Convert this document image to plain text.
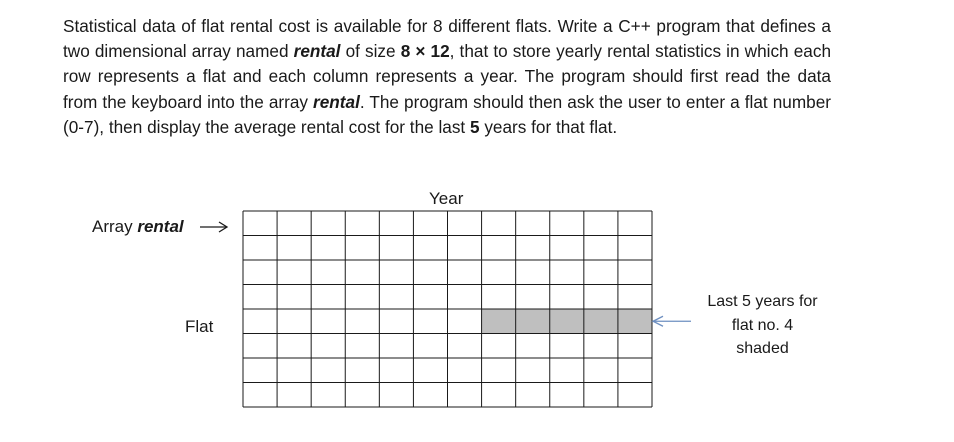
Statistical data of flat rental cost is available for 8 different flats. Write a C++ program that defines a two dimensional array named rental of size 8 × 12, that to store yearly rental statistics in which each row represents a flat and each column represents a year. The program should first read the data from the keyboard into the array rental. The program should then ask the user to enter a flat number (0-7), then display the average rental cost for the last 5 years for that flat.

Year
Array rental
Flat
Last 5 years for
flat no. 4
shaded
